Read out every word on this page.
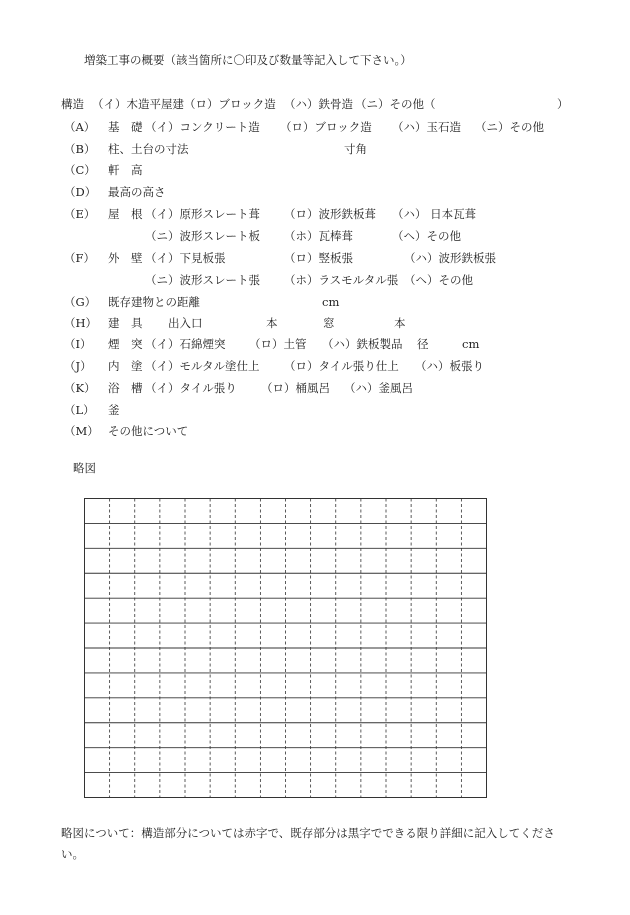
増築工事の概要（該当箇所に〇印及び数量等記入して下さい。）
構造 （イ）木造平屋建 （ロ）ブロック造 （ハ）鉄骨造 （ニ）その他（	）
（A） 基　礎 （イ）コンクリート造 （ロ）ブロック造 （ハ）玉石造 （ニ）その他
（B） 柱、土台の寸法	寸角
（C） 軒　高
（D） 最高の高さ
（E） 屋　根 （イ）原形スレート葺 （ロ）波形鉄板葺 （ハ） 日本瓦葺
（ニ）波形スレート板 （ホ）瓦棒葺	（ヘ）その他
（F） 外　壁 （イ）下見板張	（ロ）竪板張	（ハ）波形鉄板張
（ニ）波形スレート張 （ホ）ラスモルタル張 （ヘ）その他
（G） 既存建物との距離	cm
（H） 建　具 出入口	本	窓	本
（I） 煙　突 （イ）石綿煙突 （ロ）土管 （ハ）鉄板製品 径	cm
（J） 内　塗 （イ）モルタル塗仕上 （ロ）タイル張り仕上 （ハ）板張り
（K） 浴　槽 （イ）タイル張り （ロ）桶風呂 （ハ）釜風呂
（L） 釜
（M） その他について
略図
略図について：構造部分については赤字で、既存部分は黒字でできる限り詳細に記入してくださ
い。
